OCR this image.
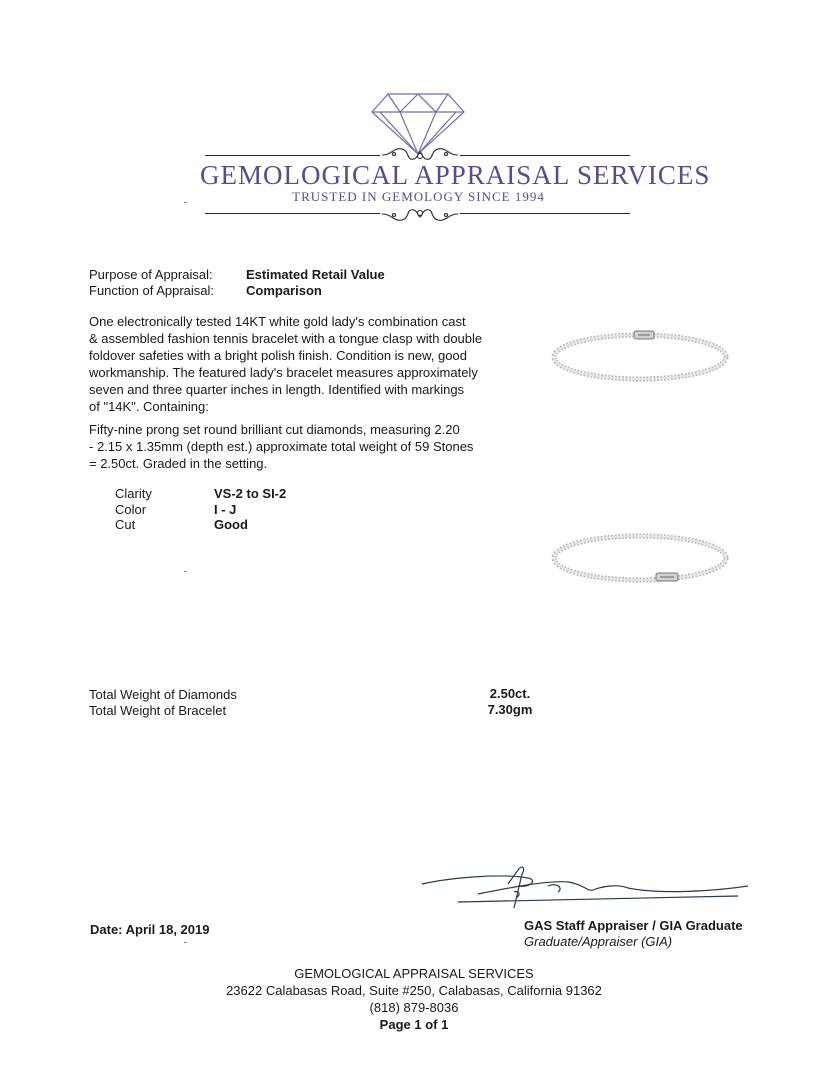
GEMOLOGICAL APPRAISAL SERVICES
TRUSTED IN GEMOLOGY SINCE 1994
Purpose of Appraisal:	Estimated Retail Value
Function of Appraisal: Comparison
One electronically tested 14KT white gold lady's combination cast
& assembled fashion tennis bracelet with a tongue clasp with double
foldover safeties with a bright polish finish. Condition is new, good
workmanship. The featured lady's bracelet measures approximately
seven and three quarter inches in length. Identified with markings
of "14K". Containing:
Fifty-nine prong set round brilliant cut diamonds, measuring 2.20
- 2.15 x 1.35mm (depth est.) approximate total weight of 59 Stones
= 2.50ct. Graded in the setting.
Clarity	VS-2 to SI-2
Color	I - J
Cut	Good
Total Weight of Diamonds	2.50ct.
Total Weight of Bracelet	7.30gm
Date: April 18, 2019	GAS Staff Appraiser / GIA Graduate
Graduate/Appraiser (GIA)
GEMOLOGICAL APPRAISAL SERVICES
23622 Calabasas Road, Suite #250, Calabasas, California 91362
(818) 879-8036
Page 1 of 1
